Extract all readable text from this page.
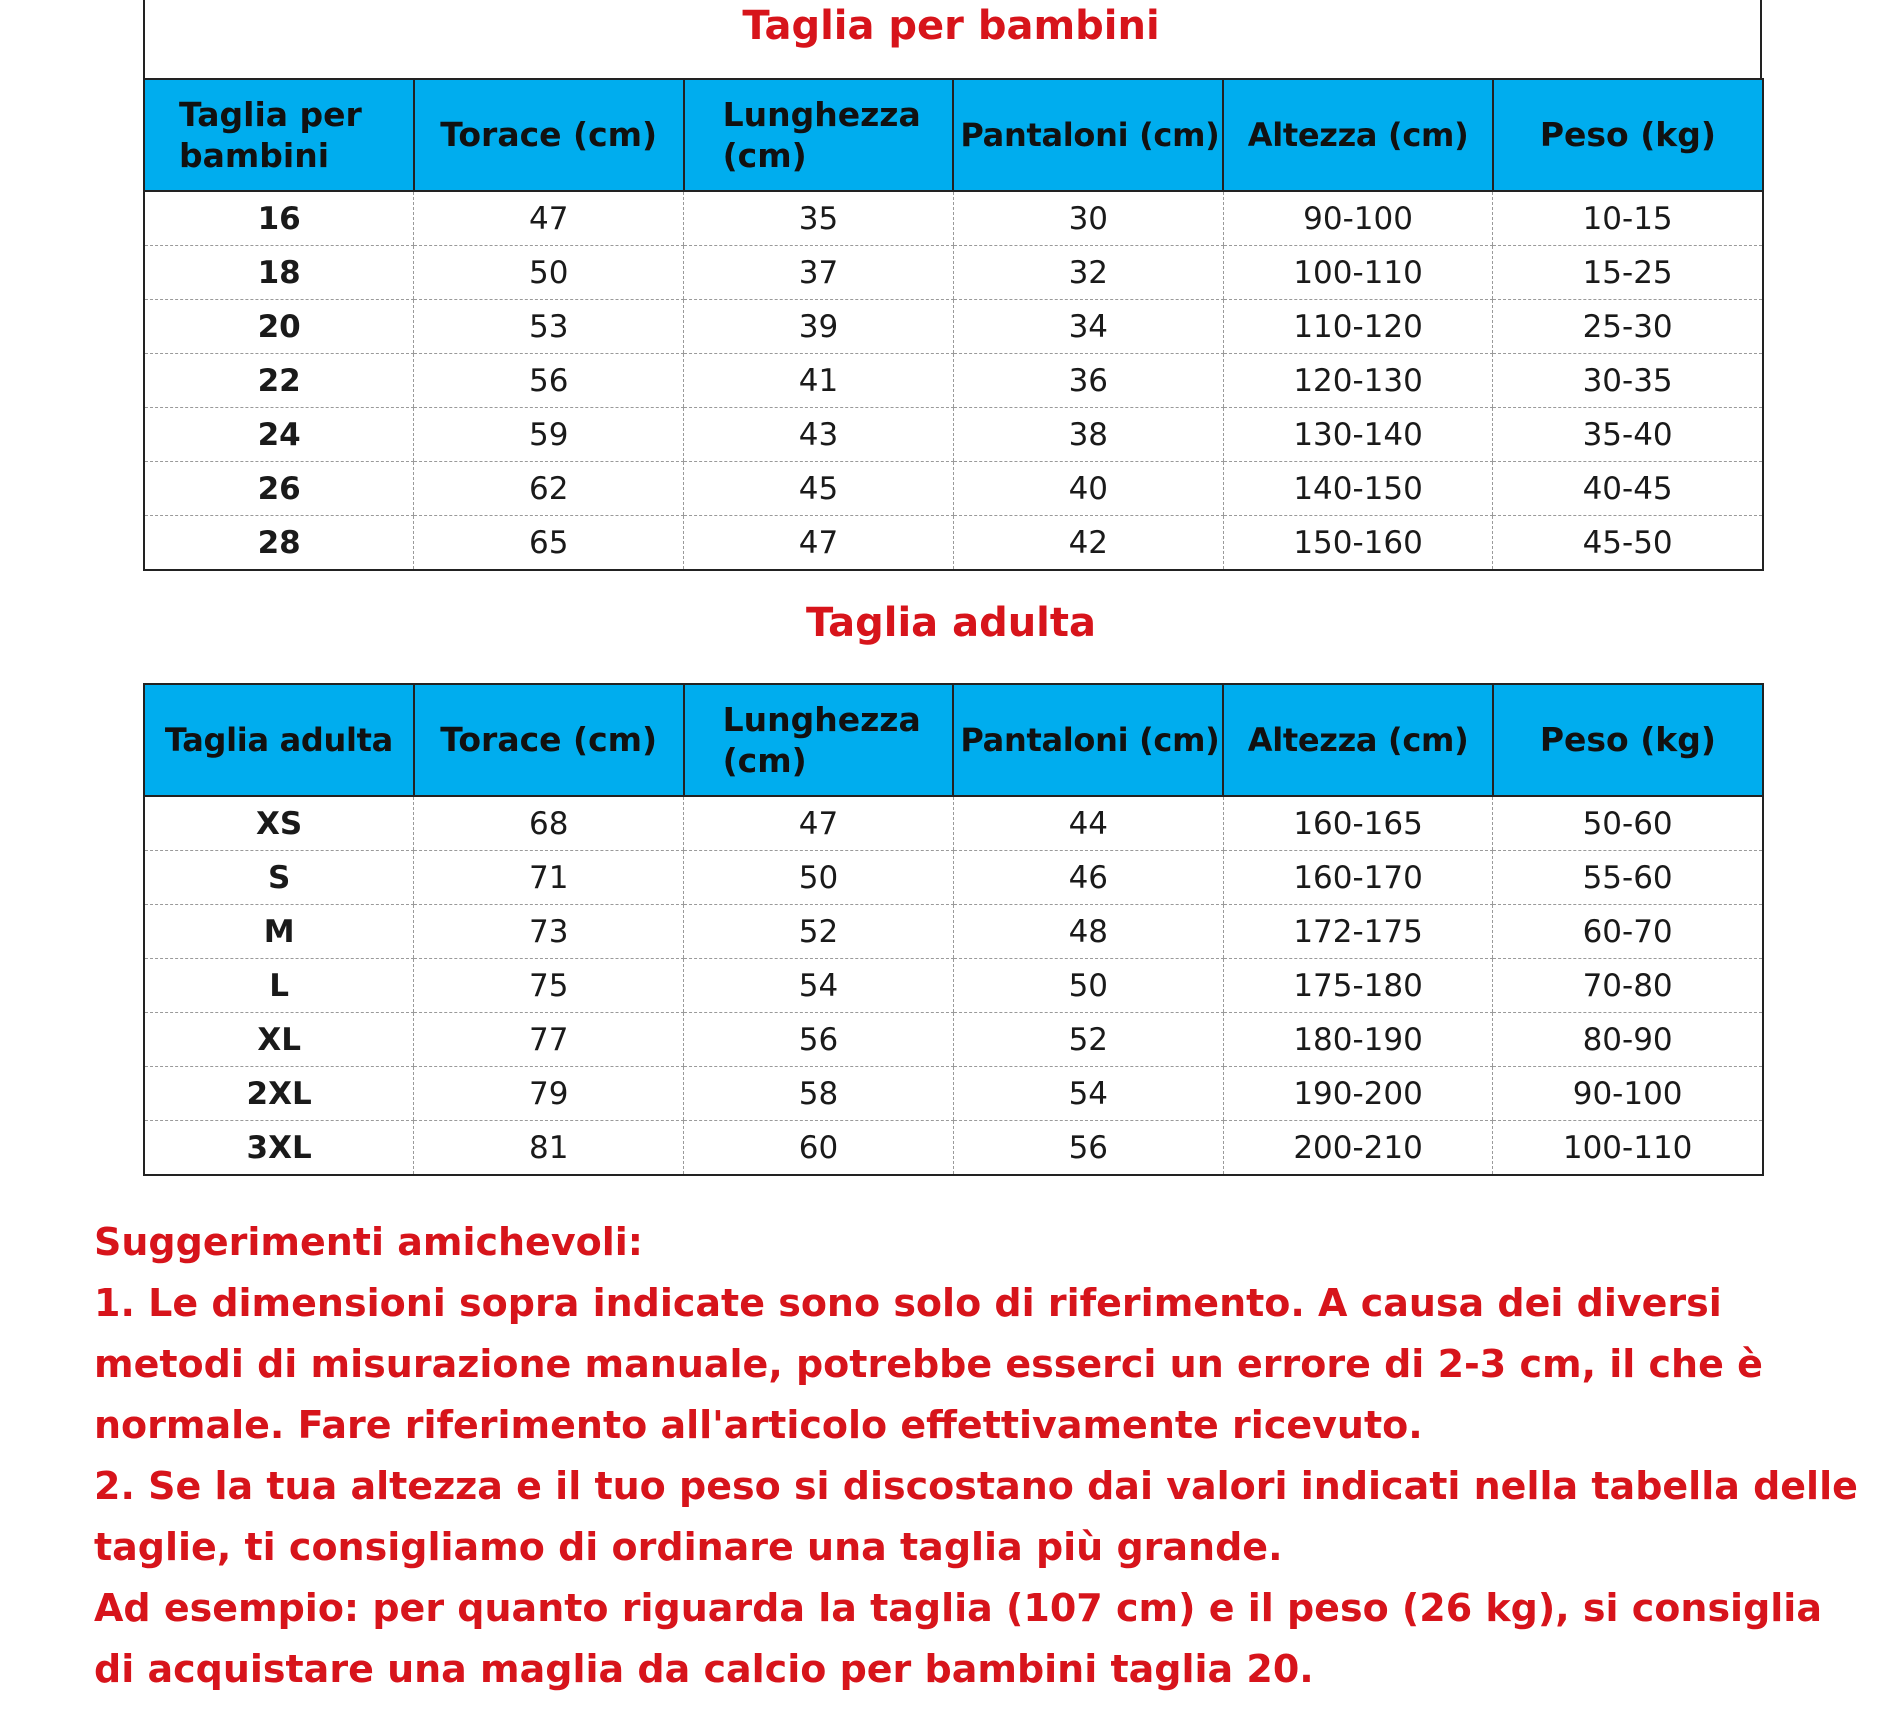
Taglia per bambini
Taglia per bambini	Torace (cm)	Lunghezza (cm)	Pantaloni (cm)	Altezza (cm)	Peso (kg)
16	47	35	30	90-100	10-15
18	50	37	32	100-110	15-25
20	53	39	34	110-120	25-30
22	56	41	36	120-130	30-35
24	59	43	38	130-140	35-40
26	62	45	40	140-150	40-45
28	65	47	42	150-160	45-50
Taglia adulta
Taglia adulta	Torace (cm)	Lunghezza (cm)	Pantaloni (cm)	Altezza (cm)	Peso (kg)
XS	68	47	44	160-165	50-60
S	71	50	46	160-170	55-60
M	73	52	48	172-175	60-70
L	75	54	50	175-180	70-80
XL	77	56	52	180-190	80-90
2XL	79	58	54	190-200	90-100
3XL	81	60	56	200-210	100-110

Suggerimenti amichevoli:

1. Le dimensioni sopra indicate sono solo di riferimento. A causa dei diversi metodi di misurazione manuale, potrebbe esserci un errore di 2-3 cm, il che è normale. Fare riferimento all'articolo effettivamente ricevuto.

2. Se la tua altezza e il tuo peso si discostano dai valori indicati nella tabella delle taglie, ti consigliamo di ordinare una taglia più grande.

Ad esempio: per quanto riguarda la taglia (107 cm) e il peso (26 kg), si consiglia di acquistare una maglia da calcio per bambini taglia 20.
